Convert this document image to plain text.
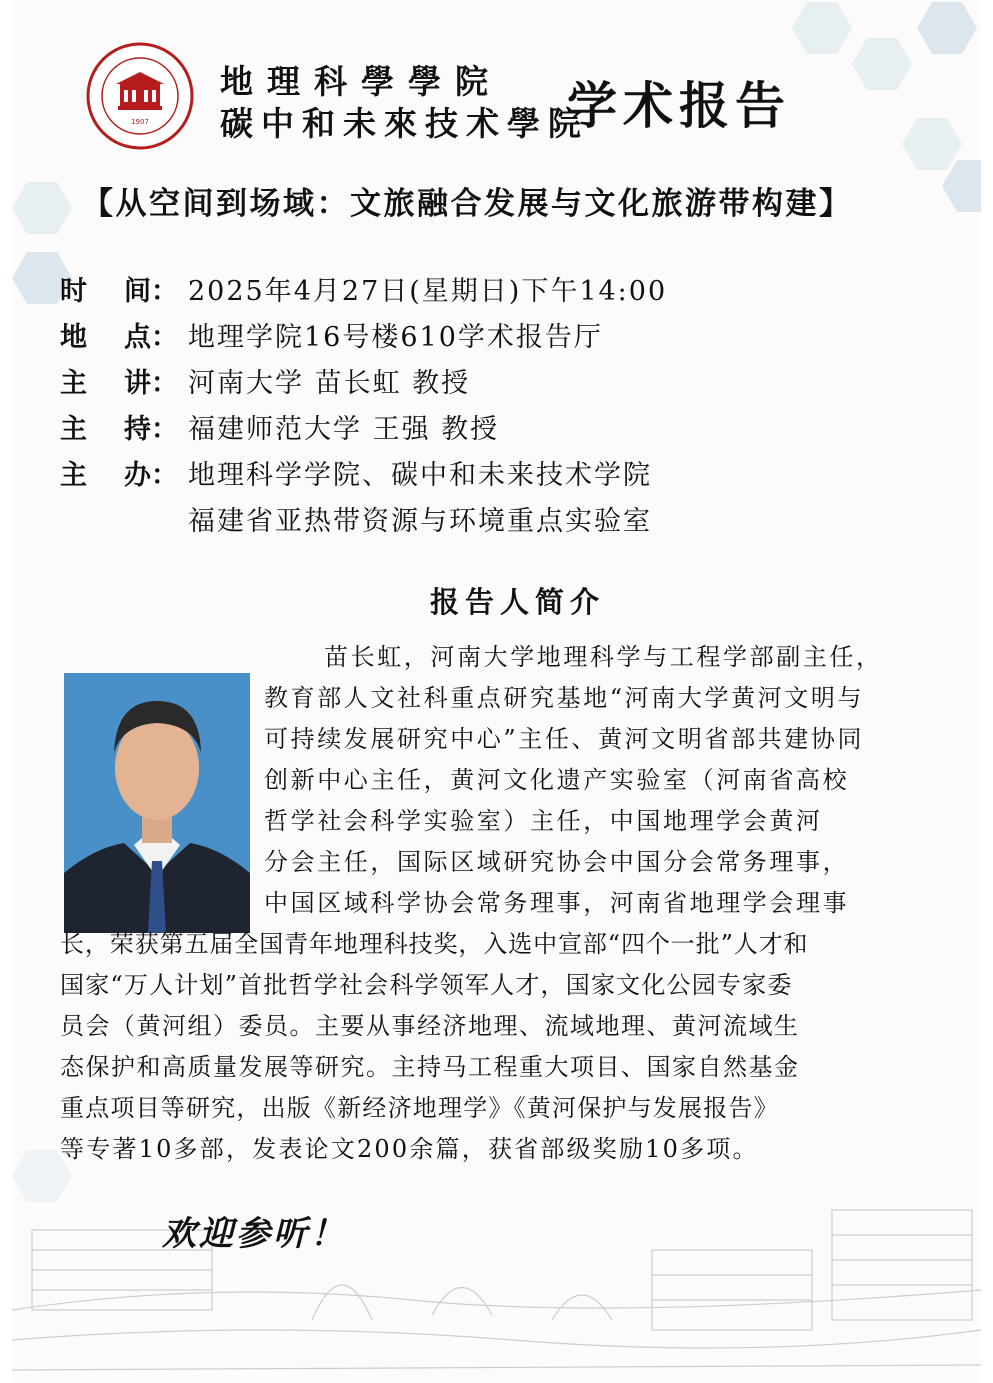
1907
地理科學學院
碳中和未來技术學院
学术报告
【从空间到场域：文旅融合发展与文化旅游带构建】
时 间： 2025年4月27日(星期日)下午14:00
地 点： 地理学院16号楼610学术报告厅
主 讲： 河南大学 苗长虹 教授
主 持： 福建师范大学 王强 教授
主 办： 地理科学学院、碳中和未来技术学院
福建省亚热带资源与环境重点实验室
报告人简介
苗长虹，河南大学地理科学与工程学部副主任，
教育部人文社科重点研究基地“河南大学黄河文明与
可持续发展研究中心”主任、黄河文明省部共建协同
创新中心主任，黄河文化遗产实验室（河南省高校
哲学社会科学实验室）主任，中国地理学会黄河
分会主任，国际区域研究协会中国分会常务理事，
中国区域科学协会常务理事，河南省地理学会理事
长，荣获第五届全国青年地理科技奖，入选中宣部“四个一批”人才和
国家“万人计划”首批哲学社会科学领军人才，国家文化公园专家委
员会（黄河组）委员。主要从事经济地理、流域地理、黄河流域生
态保护和高质量发展等研究。主持马工程重大项目、国家自然基金
重点项目等研究，出版《新经济地理学》《黄河保护与发展报告》
等专著10多部，发表论文200余篇，获省部级奖励10多项。
欢迎参听！
